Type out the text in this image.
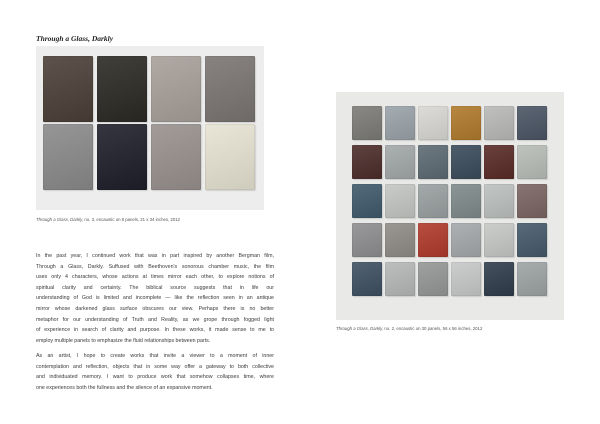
Through a Glass, Darkly
Through a Glass, Darkly, no. 3, encaustic on 8 panels, 21 x 34 inches, 2012
Through a Glass, Darkly, no. 2, encaustic on 30 panels, 56 x 56 inches, 2012
In the past year, I continued work that was in part inspired by another Bergman film,
Through a Glass, Darkly. Suffused with Beethoven's sonorous chamber music, the film
uses only 4 characters, whose actions at times mirror each other, to explore notions of
spiritual clarity and certainty. The biblical source suggests that in life our
understanding of God is limited and incomplete — like the reflection seen in an antique
mirror whose darkened glass surface obscures our view. Perhaps there is no better
metaphor for our understanding of Truth and Reality, as we grope through fogged light
of experience in search of clarity and purpose. In these works, it made sense to me to
employ multiple panels to emphasize the fluid relationships between parts.
As an artist, I hope to create works that invite a viewer to a moment of inner
contemplation and reflection, objects that in some way offer a gateway to both collective
and individuated memory. I want to produce work that somehow collapses time, where
one experiences both the fullness and the silence of an expansive moment.
